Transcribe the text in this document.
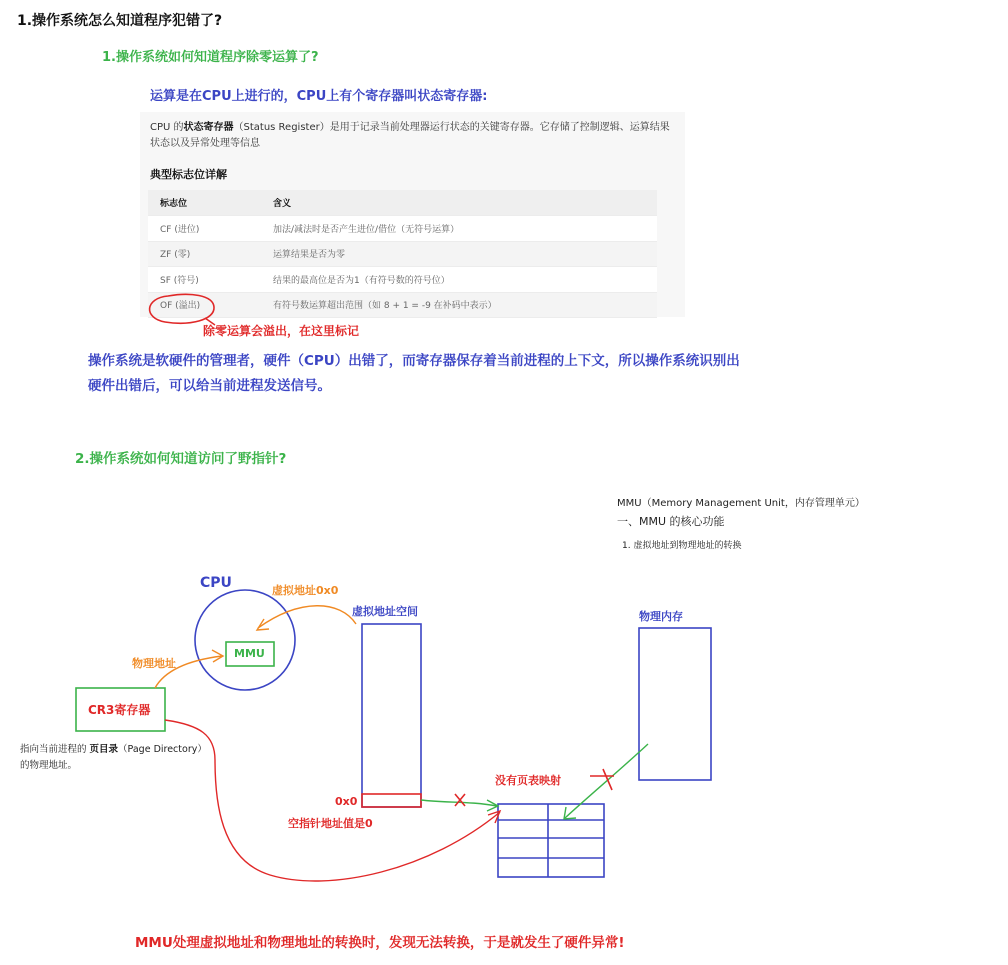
1.操作系统怎么知道程序犯错了?
1.操作系统如何知道程序除零运算了?
运算是在CPU上进行的，CPU上有个寄存器叫状态寄存器:
CPU 的状态寄存器（Status Register）是用于记录当前处理器运行状态的关键寄存器。它存储了控制逻辑、运算结果状态以及异常处理等信息
典型标志位详解
标志位	含义
CF (进位)	加法/减法时是否产生进位/借位（无符号运算）
ZF (零)	运算结果是否为零
SF (符号)	结果的最高位是否为1（有符号数的符号位）
OF (溢出)	有符号数运算超出范围（如 8 + 1 = -9 在补码中表示）
除零运算会溢出，在这里标记
操作系统是软硬件的管理者，硬件（CPU）出错了，而寄存器保存着当前进程的上下文，所以操作系统识别出硬件出错后，可以给当前进程发送信号。
2.操作系统如何知道访问了野指针?
MMU（Memory Management Unit，内存管理单元）
一、MMU 的核心功能
1. 虚拟地址到物理地址的转换
CPU	虚拟地址0x0
虚拟地址空间	物理内存
MMU
物理地址
CR3寄存器
指向当前进程的 页目录（Page Directory）
的物理地址。
没有页表映射
0x0
空指针地址值是0
MMU处理虚拟地址和物理地址的转换时，发现无法转换，于是就发生了硬件异常!
